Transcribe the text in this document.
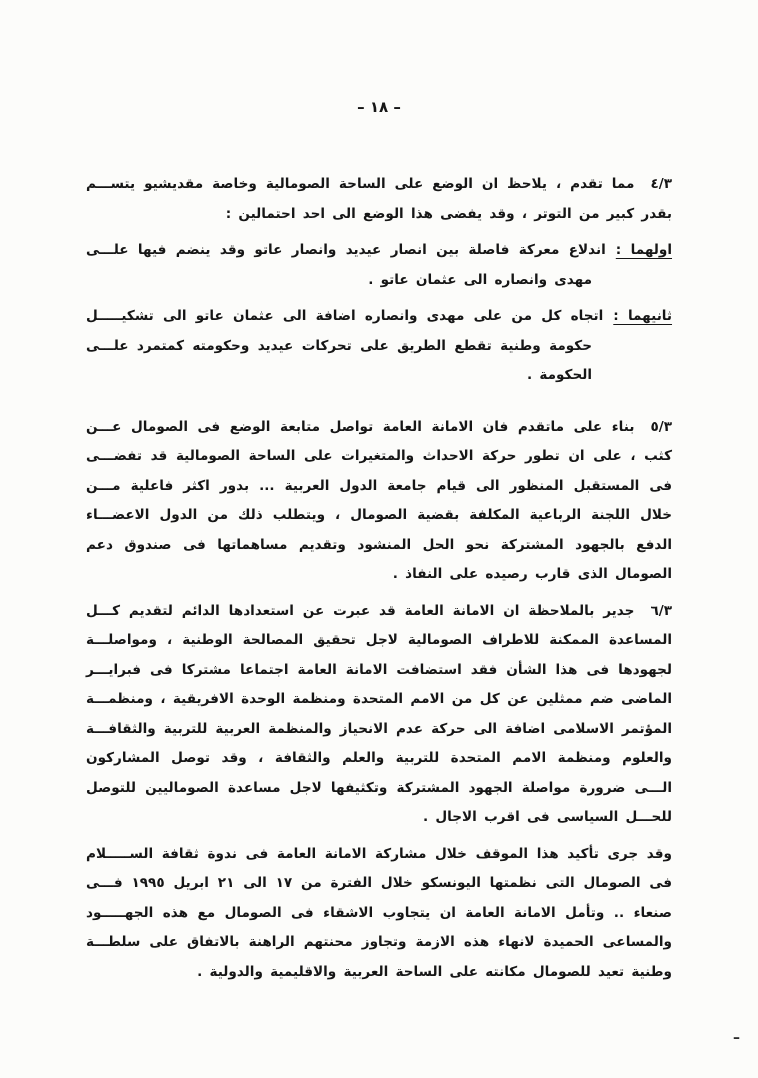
– ١٨ –

٤/٣مما تقدم ، يلاحظ ان الوضع على الساحة الصومالية وخاصة مقديشيو يتســـم بقدر كبير من التوتر ، وقد يفضى هذا الوضع الى احد احتمالين :

اولهما :اندلاع معركة فاصلة بين انصار عيديد وانصار عاتو وقد ينضم فيها علـــى مهدى وانصاره الى عثمان عاتو .

ثانيهما :اتجاه كل من على مهدى وانصاره اضافة الى عثمان عاتو الى تشكيـــــل حكومة وطنية تقطع الطريق على تحركات عيديد وحكومته كمتمرد علـــى الحكومة .

٥/٣بناء على ماتقدم فان الامانة العامة تواصل متابعة الوضع فى الصومال عـــن كثب ، على ان تطور حركة الاحداث والمتغيرات على الساحة الصومالية قد تفضـــى فى المستقبل المنظور الى قيام جامعة الدول العربية ... بدور اكثر فاعلية مـــن خلال اللجنة الرباعية المكلفة بقضية الصومال ، ويتطلب ذلك من الدول الاعضـــاء الدفع بالجهود المشتركة نحو الحل المنشود وتقديم مساهماتها فى صندوق دعم الصومال الذى قارب رصيده على النفاذ .

٦/٣جدير بالملاحظة ان الامانة العامة قد عبرت عن استعدادها الدائم لتقديم كـــل المساعدة الممكنة للاطراف الصومالية لاجل تحقيق المصالحة الوطنية ، ومواصلـــة لجهودها فى هذا الشأن فقد استضافت الامانة العامة اجتماعا مشتركا فى فبرايـــر الماضى ضم ممثلين عن كل من الامم المتحدة ومنظمة الوحدة الافريقية ، ومنظمـــة المؤتمر الاسلامى اضافة الى حركة عدم الانحياز والمنظمة العربية للتربية والثقافـــة والعلوم ومنظمة الامم المتحدة للتربية والعلم والثقافة ، وقد توصل المشاركون الـــى ضرورة مواصلة الجهود المشتركة وتكثيفها لاجل مساعدة الصوماليين للتوصل للحـــل السياسى فى اقرب الاجال .

وقد جرى تأكيد هذا الموقف خلال مشاركة الامانة العامة فى ندوة ثقافة الســـــلام فى الصومال التى نظمتها اليونسكو خلال الفترة من ١٧ الى ٢١ ابريل ١٩٩٥ فـــى صنعاء .. وتأمل الامانة العامة ان يتجاوب الاشقاء فى الصومال مع هذه الجهـــــود والمساعى الحميدة لانهاء هذه الازمة وتجاوز محنتهم الراهنة بالاتفاق على سلطـــة وطنية تعيد للصومال مكانته على الساحة العربية والاقليمية والدولية .

–
